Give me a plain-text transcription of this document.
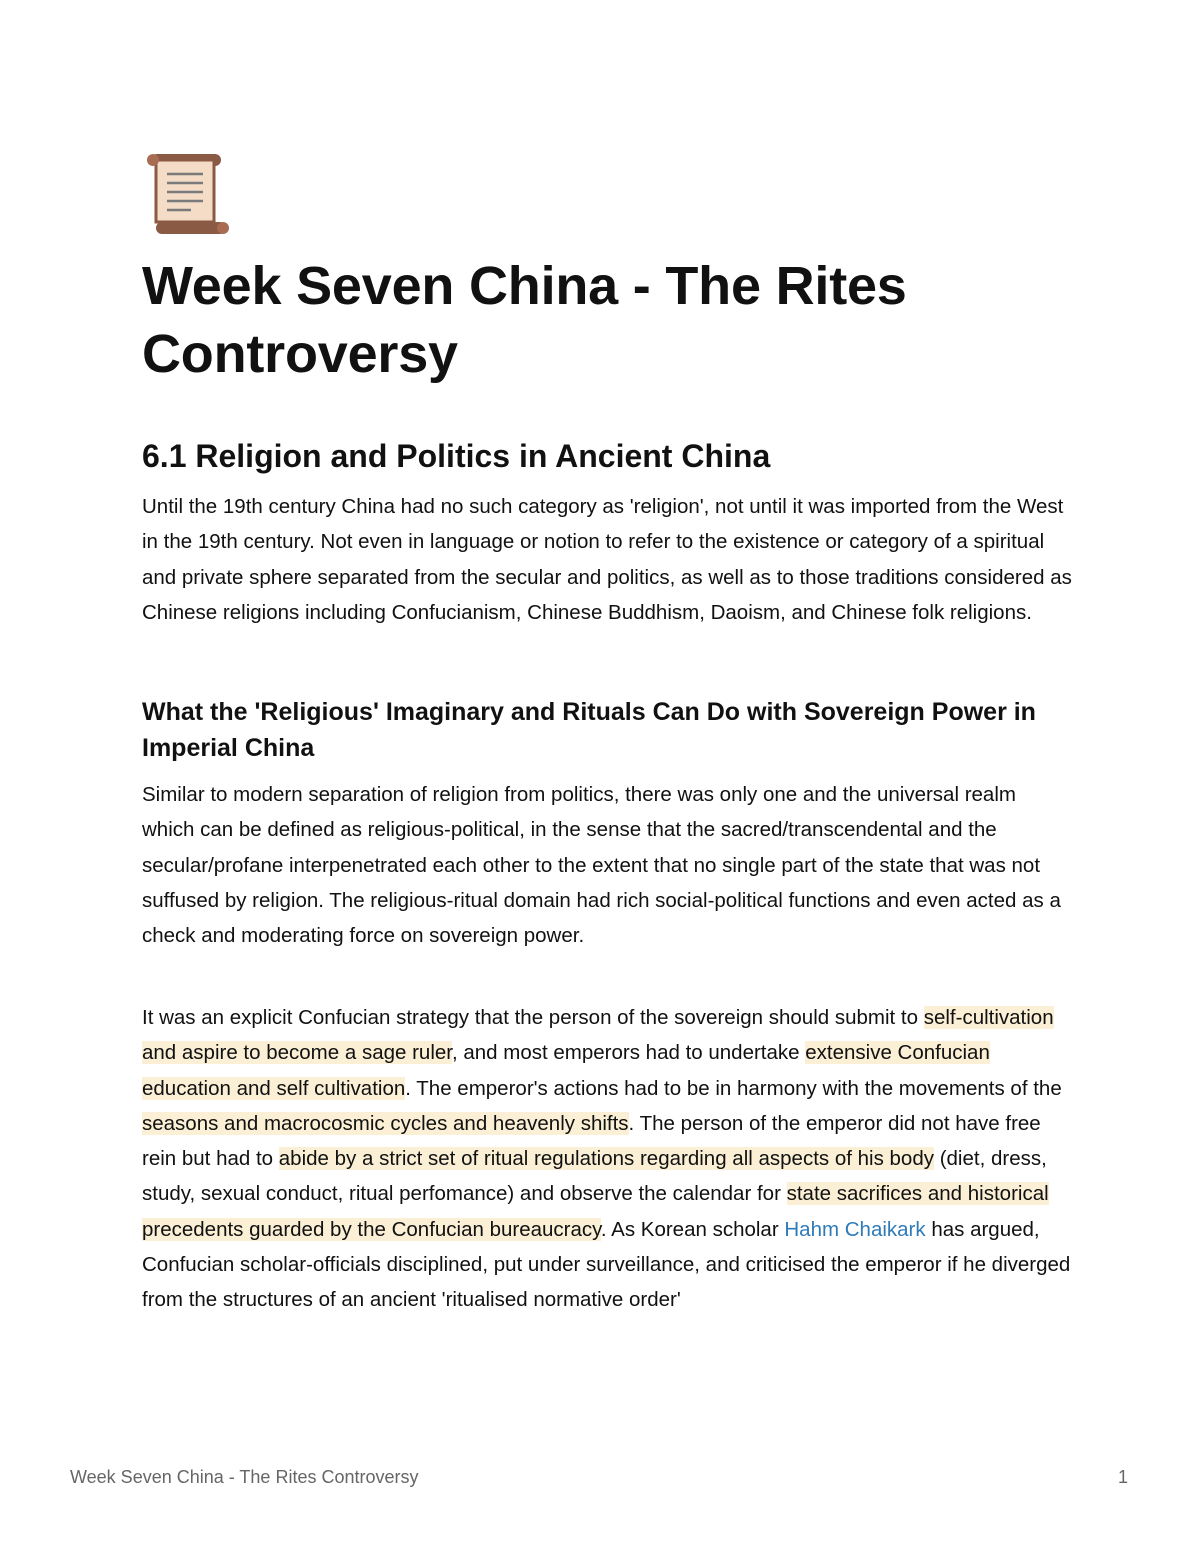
Week Seven China - The Rites Controversy
6.1 Religion and Politics in Ancient China

Until the 19th century China had no such category as 'religion', not until it was imported from the West in the 19th century. Not even in language or notion to refer to the existence or category of a spiritual and private sphere separated from the secular and politics, as well as to those traditions considered as Chinese religions including Confucianism, Chinese Buddhism, Daoism, and Chinese folk religions.

What the 'Religious' Imaginary and Rituals Can Do with Sovereign Power in Imperial China

Similar to modern separation of religion from politics, there was only one and the universal realm which can be defined as religious-political, in the sense that the sacred/transcendental and the secular/profane interpenetrated each other to the extent that no single part of the state that was not suffused by religion. The religious-ritual domain had rich social-political functions and even acted as a check and moderating force on sovereign power.

It was an explicit Confucian strategy that the person of the sovereign should submit to self-cultivation and aspire to become a sage ruler, and most emperors had to undertake extensive Confucian education and self cultivation. The emperor's actions had to be in harmony with the movements of the seasons and macrocosmic cycles and heavenly shifts. The person of the emperor did not have free rein but had to abide by a strict set of ritual regulations regarding all aspects of his body (diet, dress, study, sexual conduct, ritual perfomance) and observe the calendar for state sacrifices and historical precedents guarded by the Confucian bureaucracy. As Korean scholar Hahm Chaikark has argued, Confucian scholar-officials disciplined, put under surveillance, and criticised the emperor if he diverged from the structures of an ancient 'ritualised normative order'

Week Seven China - The Rites Controversy	1
